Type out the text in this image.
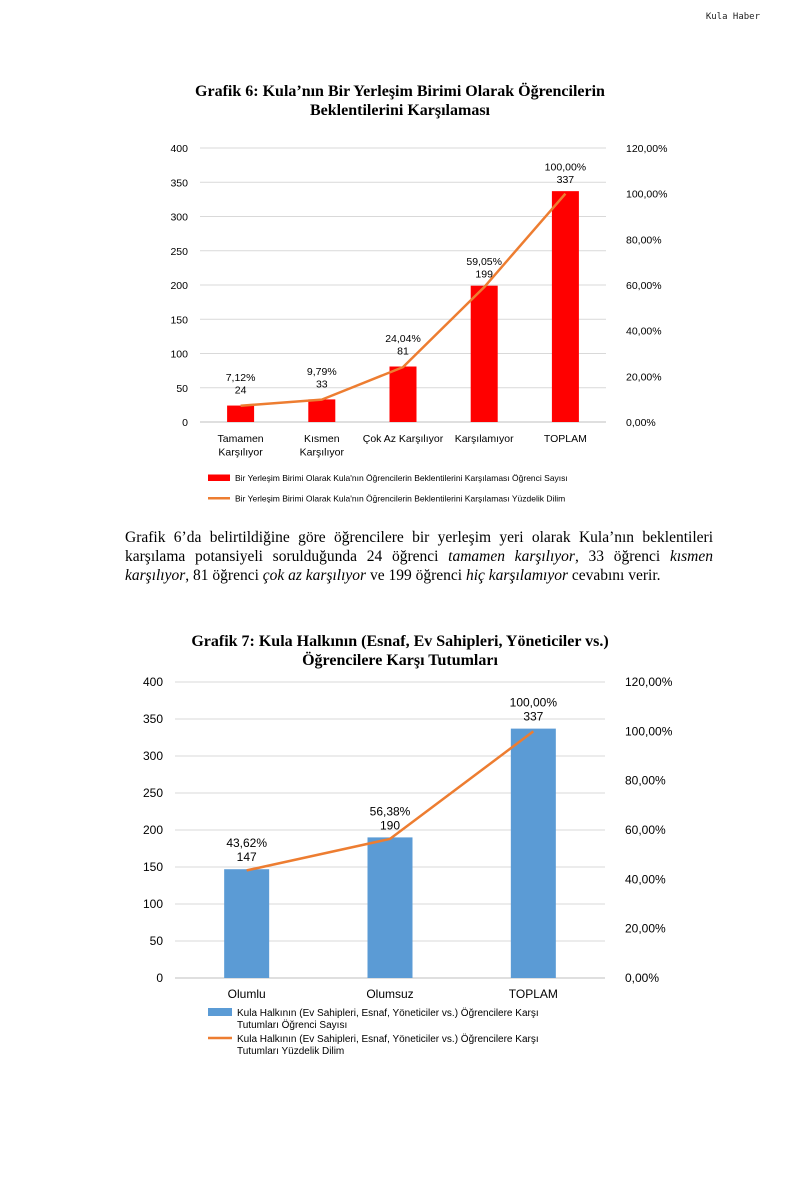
Kula Haber
Grafik 6: Kula’nın Bir Yerleşim Birimi Olarak Öğrencilerin
Beklentilerini Karşılaması
0
50
100
150
200
250
300
350
400
0,00%
20,00%
40,00%
60,00%
80,00%
100,00%
120,00%
24
7,12%
33
9,79%
81
24,04%
199
59,05%
337
100,00%
Tamamen
Karşılıyor
Kısmen
Karşılıyor
Çok Az Karşılıyor Karşılamıyor	TOPLAM
Bir Yerleşim Birimi Olarak Kula'nın Öğrencilerin Beklentilerini Karşılaması Öğrenci Sayısı
Bir Yerleşim Birimi Olarak Kula'nın Öğrencilerin Beklentilerini Karşılaması Yüzdelik Dilim
Grafik 6’da belirtildiğine göre öğrencilere bir yerleşim yeri olarak Kula’nın beklentileri karşılama potansiyeli sorulduğunda 24 öğrenci tamamen karşılıyor, 33 öğrenci kısmen karşılıyor, 81 öğrenci çok az karşılıyor ve 199 öğrenci hiç karşılamıyor cevabını verir.
Grafik 7: Kula Halkının (Esnaf, Ev Sahipleri, Yöneticiler vs.)
Öğrencilere Karşı Tutumları
0
50
100
150
200
250
300
350
400
0,00%
20,00%
40,00%
60,00%
80,00%
100,00%
120,00%
147
43,62%
190
56,38%
337
100,00%
Olumlu	Olumsuz	TOPLAM
Kula Halkının (Ev Sahipleri, Esnaf, Yöneticiler vs.) Öğrencilere Karşı
Tutumları Öğrenci Sayısı
Kula Halkının (Ev Sahipleri, Esnaf, Yöneticiler vs.) Öğrencilere Karşı
Tutumları Yüzdelik Dilim
